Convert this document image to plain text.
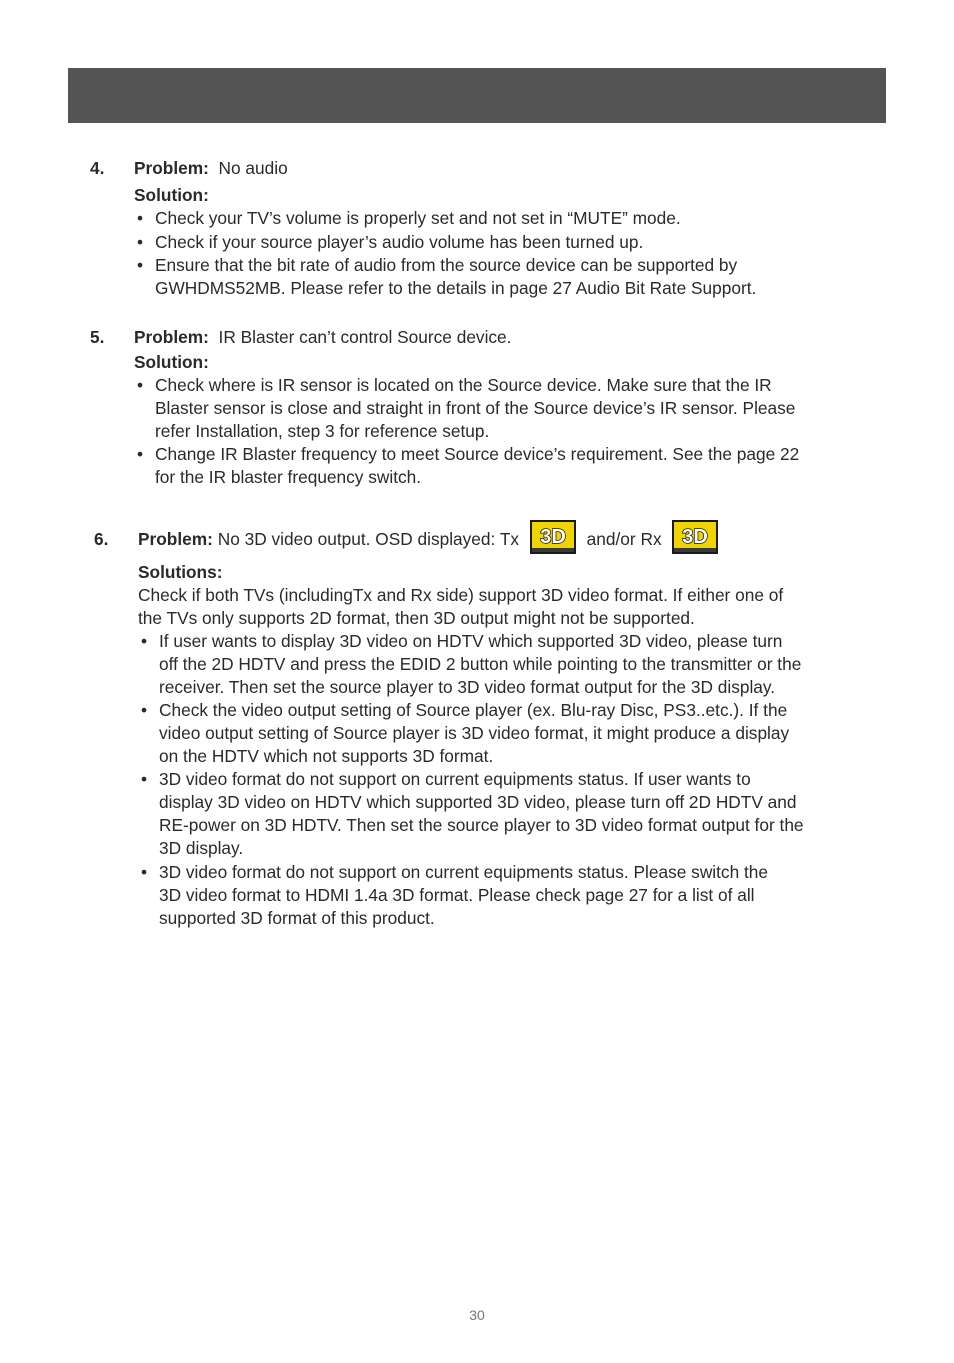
4. Problem: No audio
Solution:
• Check your TV’s volume is properly set and not set in “MUTE” mode.
• Check if your source player’s audio volume has been turned up.
• Ensure that the bit rate of audio from the source device can be supported by
GWHDMS52MB. Please refer to the details in page 27 Audio Bit Rate Support.
5. Problem: IR Blaster can’t control Source device.
Solution:
• Check where is IR sensor is located on the Source device. Make sure that the IR
Blaster sensor is close and straight in front of the Source device’s IR sensor. Please
refer Installation, step 3 for reference setup.
• Change IR Blaster frequency to meet Source device’s requirement. See the page 22
for the IR blaster frequency switch.
6. Problem: No 3D video output. OSD displayed: Tx 3D and/or Rx 3D
Solutions:
Check if both TVs (includingTx and Rx side) support 3D video format. If either one of
the TVs only supports 2D format, then 3D output might not be supported.
• If user wants to display 3D video on HDTV which supported 3D video, please turn
off the 2D HDTV and press the EDID 2 button while pointing to the transmitter or the
receiver. Then set the source player to 3D video format output for the 3D display.
• Check the video output setting of Source player (ex. Blu-ray Disc, PS3..etc.). If the
video output setting of Source player is 3D video format, it might produce a display
on the HDTV which not supports 3D format.
• 3D video format do not support on current equipments status. If user wants to
display 3D video on HDTV which supported 3D video, please turn off 2D HDTV and
RE-power on 3D HDTV. Then set the source player to 3D video format output for the
3D display.
• 3D video format do not support on current equipments status. Please switch the
3D video format to HDMI 1.4a 3D format. Please check page 27 for a list of all
supported 3D format of this product.
30
